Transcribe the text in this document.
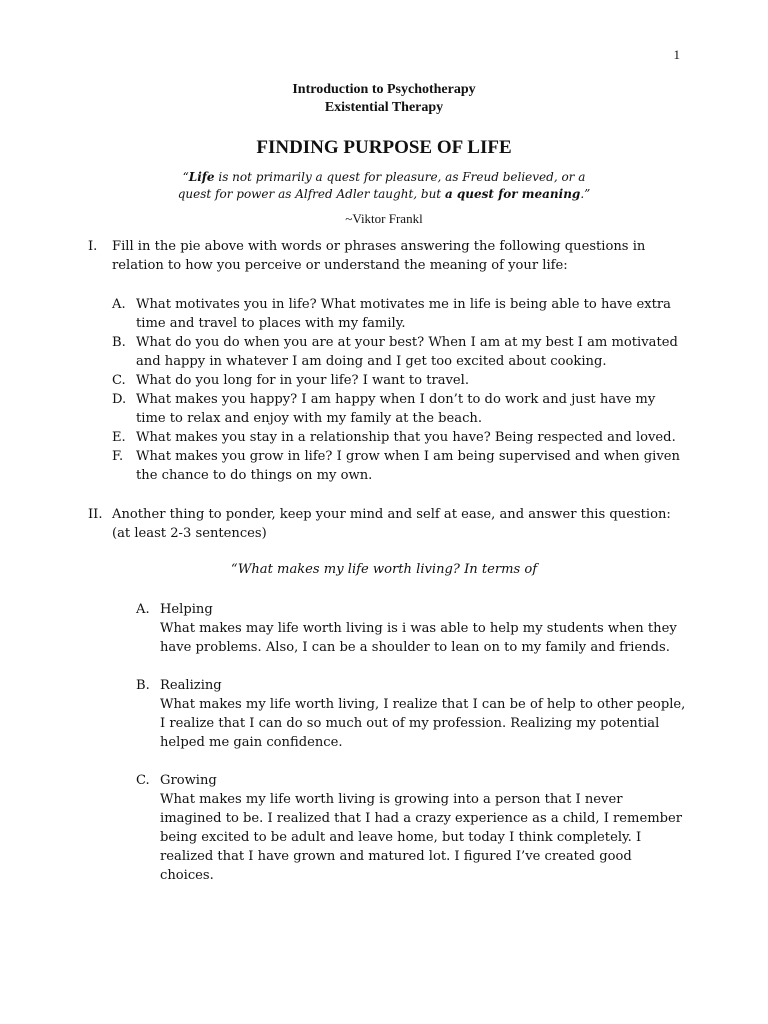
1
Introduction to Psychotherapy
Existential Therapy
FINDING PURPOSE OF LIFE
“Life is not primarily a quest for pleasure, as Freud believed, or a quest for power as Alfred Adler taught, but a quest for meaning.”
~Viktor Frankl
I. Fill in the pie above with words or phrases answering the following questions in relation to how you perceive or understand the meaning of your life:
A. What motivates you in life? What motivates me in life is being able to have extra time and travel to places with my family.
B. What do you do when you are at your best? When I am at my best I am motivated and happy in whatever I am doing and I get too excited about cooking.
C. What do you long for in your life? I want to travel.
D. What makes you happy? I am happy when I don’t to do work and just have my time to relax and enjoy with my family at the beach.
E. What makes you stay in a relationship that you have? Being respected and loved.
F. What makes you grow in life? I grow when I am being supervised and when given the chance to do things on my own.
II. Another thing to ponder, keep your mind and self at ease, and answer this question: (at least 2-3 sentences)
“What makes my life worth living? In terms of
A. Helping
What makes may life worth living is i was able to help my students when they have problems. Also, I can be a shoulder to lean on to my family and friends.
B. Realizing
What makes my life worth living, I realize that I can be of help to other people, I realize that I can do so much out of my profession. Realizing my potential helped me gain confidence.
C. Growing
What makes my life worth living is growing into a person that I never imagined to be. I realized that I had a crazy experience as a child, I remember being excited to be adult and leave home, but today I think completely. I realized that I have grown and matured lot. I figured I’ve created good choices.
